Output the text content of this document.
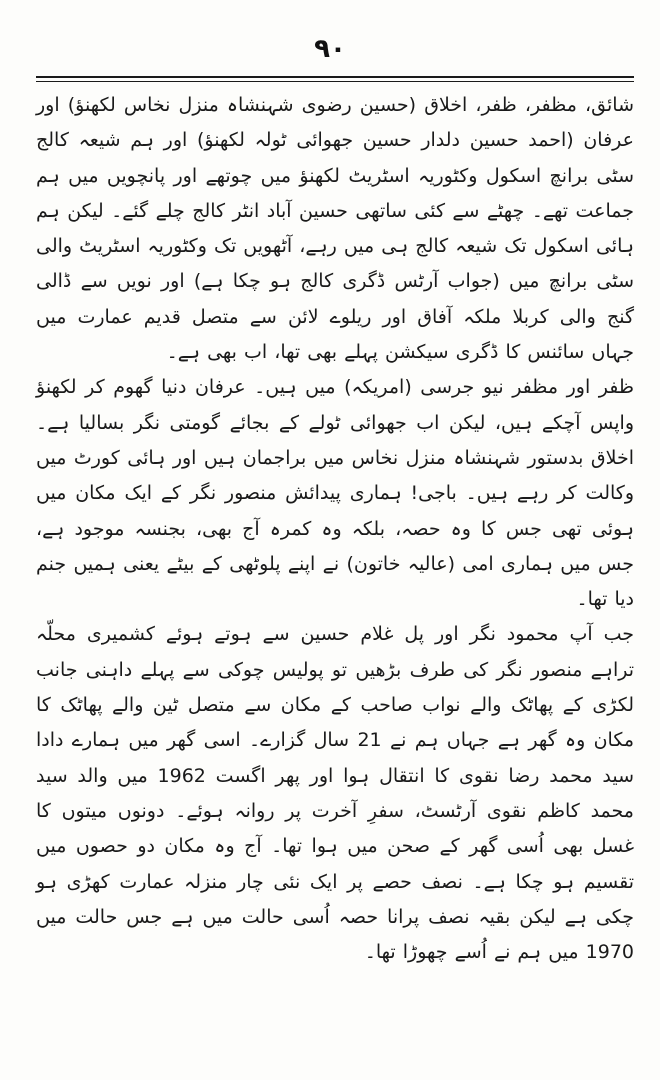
۹۰

شائق، مظفر، ظفر، اخلاق (حسین رضوی شہنشاہ منزل نخاس لکھنؤ) اور عرفان (احمد حسین دلدار حسین جھوائی ٹولہ لکھنؤ) اور ہم شیعہ کالج سٹی برانچ اسکول وکٹوریہ اسٹریٹ لکھنؤ میں چوتھے اور پانچویں میں ہم جماعت تھے۔ چھٹے سے کئی ساتھی حسین آباد انٹر کالج چلے گئے۔ لیکن ہم ہائی اسکول تک شیعہ کالج ہی میں رہے، آٹھویں تک وکٹوریہ اسٹریٹ والی سٹی برانچ میں (جواب آرٹس ڈگری کالج ہو چکا ہے) اور نویں سے ڈالی گنج والی کربلا ملکہ آفاق اور ریلوے لائن سے متصل قدیم عمارت میں جہاں سائنس کا ڈگری سیکشن پہلے بھی تھا، اب بھی ہے۔

ظفر اور مظفر نیو جرسی (امریکہ) میں ہیں۔ عرفان دنیا گھوم کر لکھنؤ واپس آچکے ہیں، لیکن اب جھوائی ٹولے کے بجائے گومتی نگر بسالیا ہے۔ اخلاق بدستور شہنشاہ منزل نخاس میں براجمان ہیں اور ہائی کورٹ میں وکالت کر رہے ہیں۔ باجی! ہماری پیدائش منصور نگر کے ایک مکان میں ہوئی تھی جس کا وہ حصہ، بلکہ وہ کمرہ آج بھی، بجنسہ موجود ہے، جس میں ہماری امی (عالیہ خاتون) نے اپنے پلوٹھی کے بیٹے یعنی ہمیں جنم دیا تھا۔

جب آپ محمود نگر اور پل غلام حسین سے ہوتے ہوئے کشمیری محلّہ تراہے منصور نگر کی طرف بڑھیں تو پولیس چوکی سے پہلے داہنی جانب لکڑی کے پھاٹک والے نواب صاحب کے مکان سے متصل ٹین والے پھاٹک کا مکان وہ گھر ہے جہاں ہم نے 21 سال گزارے۔ اسی گھر میں ہمارے دادا سید محمد رضا نقوی کا انتقال ہوا اور پھر اگست 1962 میں والد سید محمد کاظم نقوی آرٹسٹ، سفرِ آخرت پر روانہ ہوئے۔ دونوں میتوں کا غسل بھی اُسی گھر کے صحن میں ہوا تھا۔ آج وہ مکان دو حصوں میں تقسیم ہو چکا ہے۔ نصف حصے پر ایک نئی چار منزلہ عمارت کھڑی ہو چکی ہے لیکن بقیہ نصف پرانا حصہ اُسی حالت میں ہے جس حالت میں 1970 میں ہم نے اُسے چھوڑا تھا۔
